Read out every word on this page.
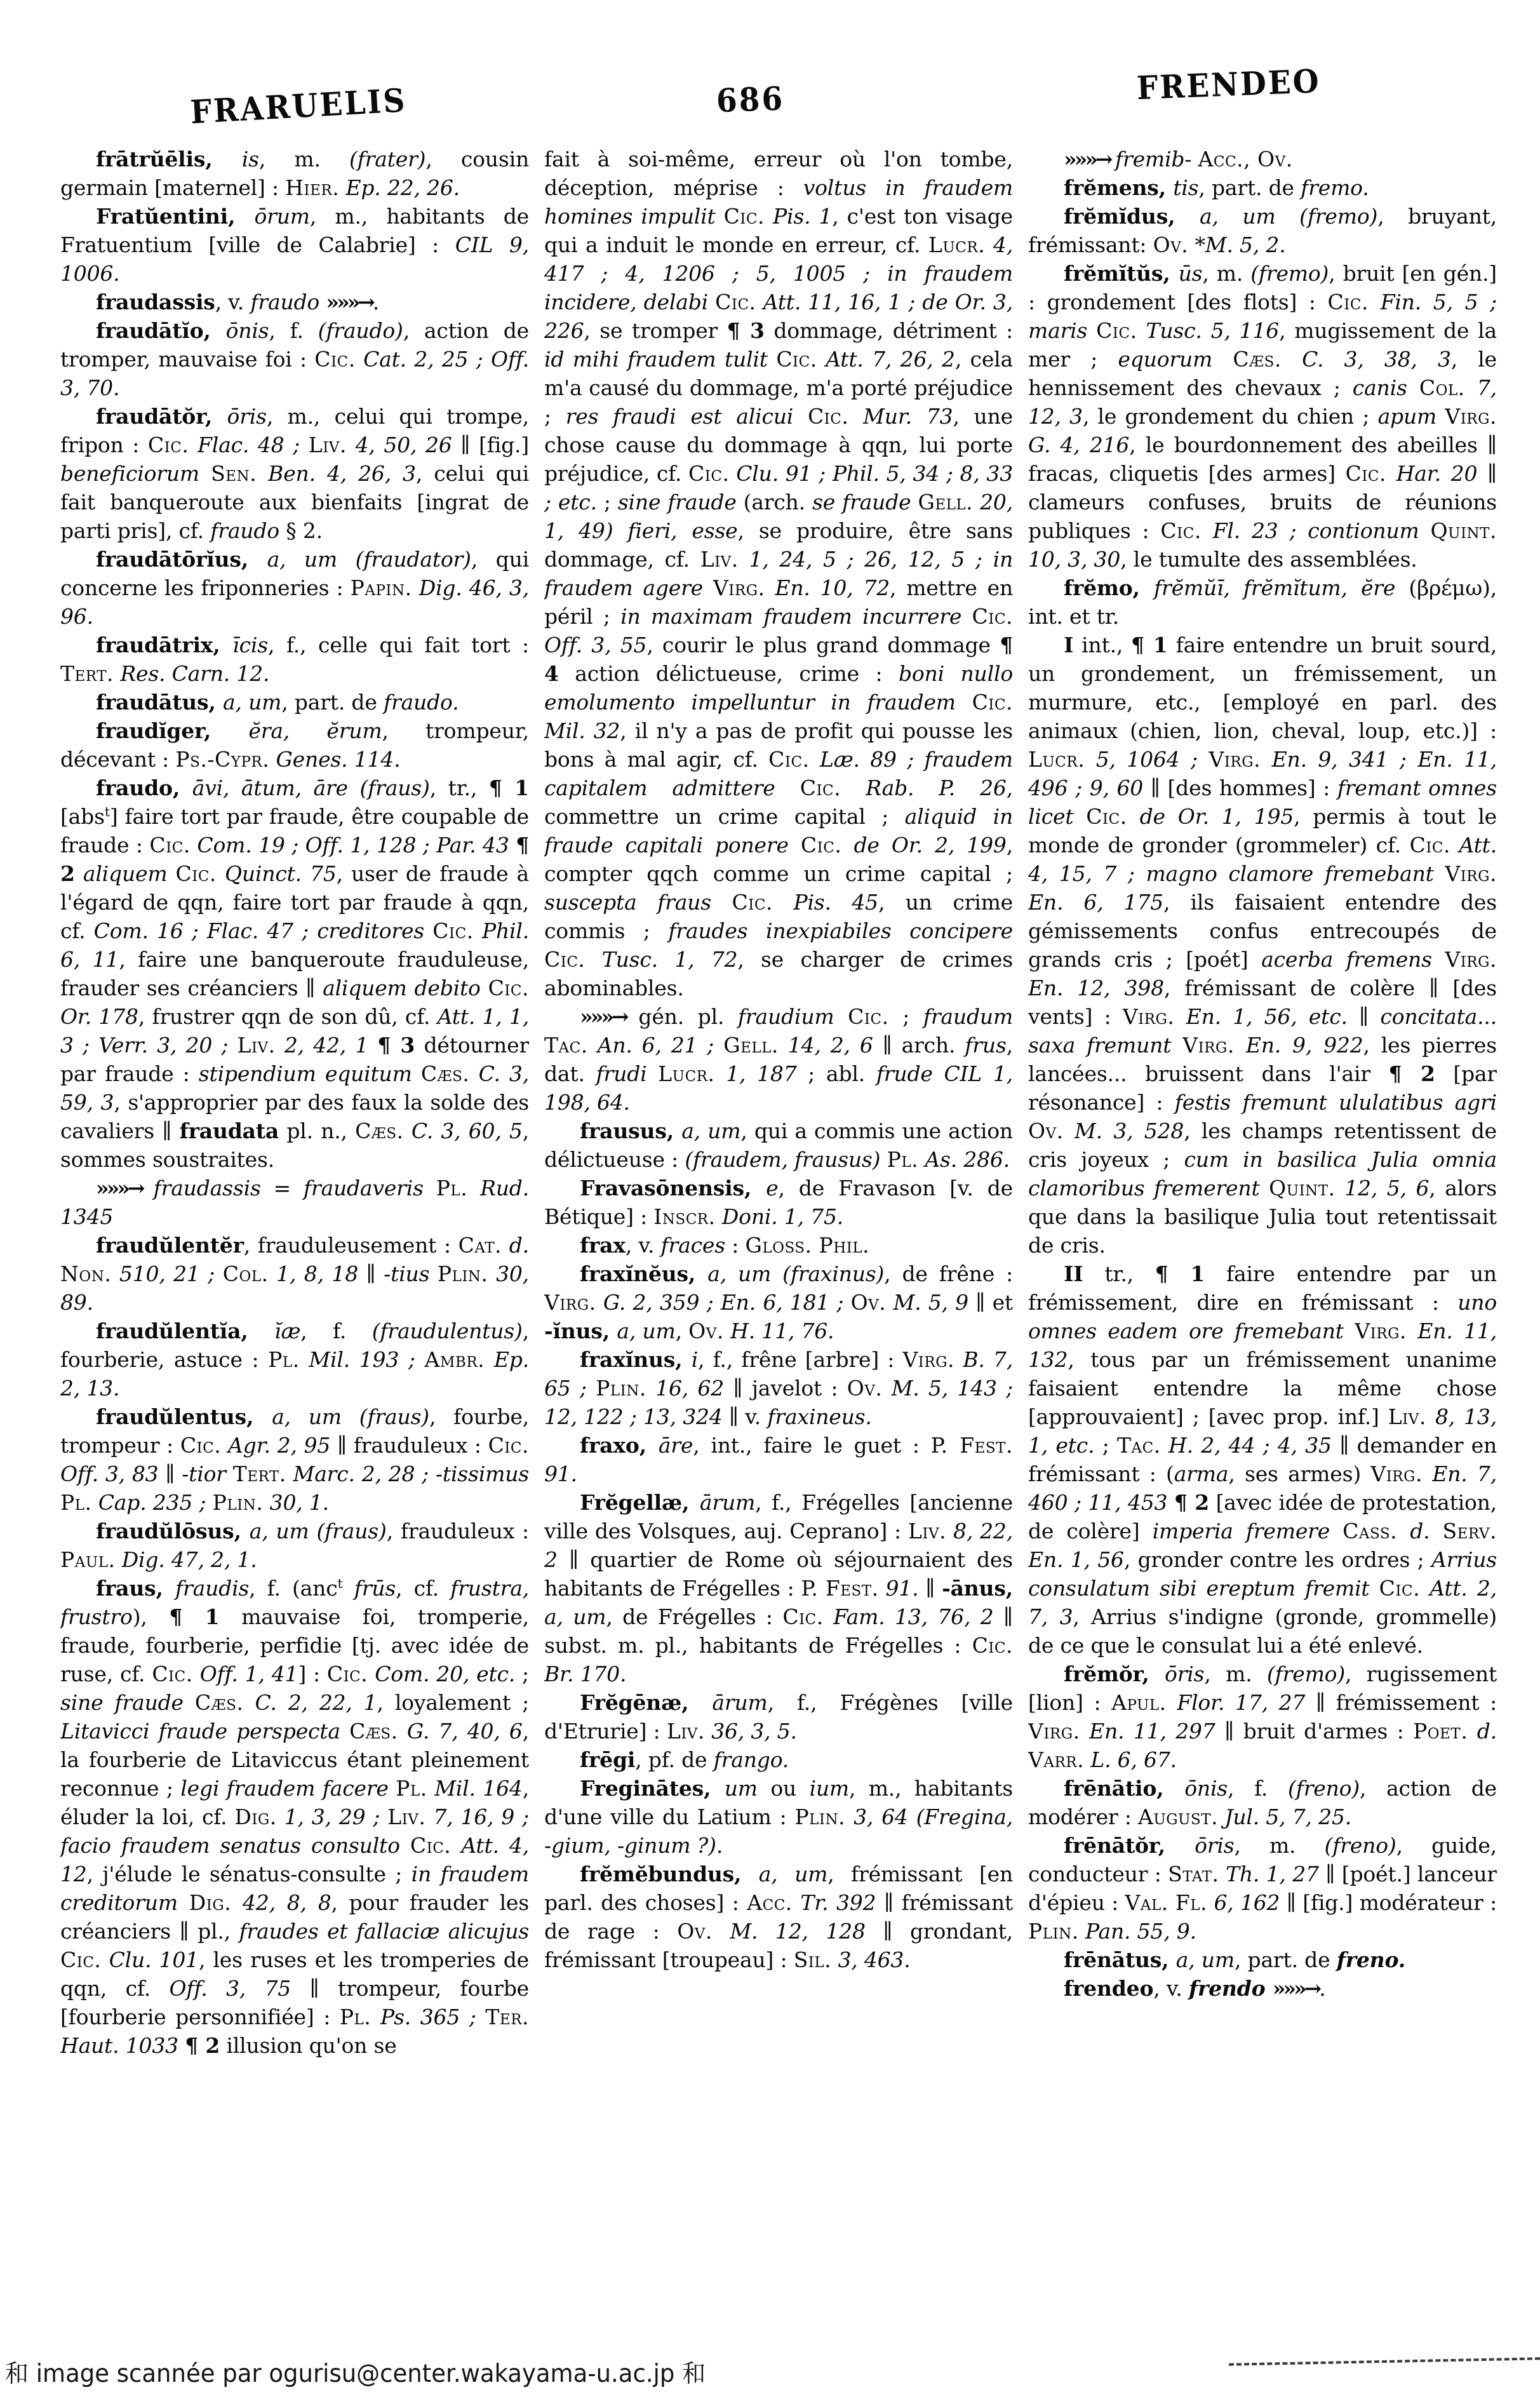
FRARUELIS	686	FRENDEO

frātrŭēlis, is, m. (frater), cousin germain [maternel] : Hier. Ep. 22, 26.

Fratŭentini, ōrum, m., habitants de Fratuentium [ville de Calabrie] : CIL 9, 1006.

fraudassis, v. fraudo »»»→.

fraudātĭo, ōnis, f. (fraudo), action de tromper, mauvaise foi : Cic. Cat. 2, 25 ; Off. 3, 70.

fraudātŏr, ōris, m., celui qui trompe, fripon : Cic. Flac. 48 ; Liv. 4, 50, 26 ∥ [fig.] beneficiorum Sen. Ben. 4, 26, 3, celui qui fait banqueroute aux bienfaits [ingrat de parti pris], cf. fraudo § 2.

fraudātōrĭus, a, um (fraudator), qui concerne les friponneries : Papin. Dig. 46, 3, 96.

fraudātrix, īcis, f., celle qui fait tort : Tert. Res. Carn. 12.

fraudātus, a, um, part. de fraudo.

fraudĭger, ĕra, ĕrum, trompeur, décevant : Ps.-Cypr. Genes. 114.

fraudo, āvi, ātum, āre (fraus), tr., ¶ 1 [abs$^t$] faire tort par fraude, être coupable de fraude : Cic. Com. 19 ; Off. 1, 128 ; Par. 43 ¶ 2 aliquem Cic. Quinct. 75, user de fraude à l'égard de qqn, faire tort par fraude à qqn, cf. Com. 16 ; Flac. 47 ; creditores Cic. Phil. 6, 11, faire une banqueroute frauduleuse, frauder ses créanciers ∥ aliquem debito Cic. Or. 178, frustrer qqn de son dû, cf. Att. 1, 1, 3 ; Verr. 3, 20 ; Liv. 2, 42, 1 ¶ 3 détourner par fraude : stipendium equitum Cæs. C. 3, 59, 3, s'approprier par des faux la solde des cavaliers ∥ fraudata pl. n., Cæs. C. 3, 60, 5, sommes soustraites.

»»»→ fraudassis = fraudaveris Pl. Rud. 1345

fraudŭlentĕr, frauduleusement : Cat. d. Non. 510, 21 ; Col. 1, 8, 18 ∥ -tius Plin. 30, 89.

fraudŭlentĭa, ĭæ, f. (fraudulentus), fourberie, astuce : Pl. Mil. 193 ; Ambr. Ep. 2, 13.

fraudŭlentus, a, um (fraus), fourbe, trompeur : Cic. Agr. 2, 95 ∥ frauduleux : Cic. Off. 3, 83 ∥ -tior Tert. Marc. 2, 28 ; -tissimus Pl. Cap. 235 ; Plin. 30, 1.

fraudŭlōsus, a, um (fraus), frauduleux : Paul. Dig. 47, 2, 1.

fraus, fraudis, f. (anc$^t$ frūs, cf. frustra, frustro), ¶ 1 mauvaise foi, tromperie, fraude, fourberie, perfidie [tj. avec idée de ruse, cf. Cic. Off. 1, 41] : Cic. Com. 20, etc. ; sine fraude Cæs. C. 2, 22, 1, loyalement ; Litavicci fraude perspecta Cæs. G. 7, 40, 6, la fourberie de Litaviccus étant pleinement reconnue ; legi fraudem facere Pl. Mil. 164, éluder la loi, cf. Dig. 1, 3, 29 ; Liv. 7, 16, 9 ; facio fraudem senatus consulto Cic. Att. 4, 12, j'élude le sénatus-consulte ; in fraudem creditorum Dig. 42, 8, 8, pour frauder les créanciers ∥ pl., fraudes et fallaciæ alicujus Cic. Clu. 101, les ruses et les tromperies de qqn, cf. Off. 3, 75 ∥ trompeur, fourbe [fourberie personnifiée] : Pl. Ps. 365 ; Ter. Haut. 1033 ¶ 2 illusion qu'on se

fait à soi-même, erreur où l'on tombe, déception, méprise : voltus in fraudem homines impulit Cic. Pis. 1, c'est ton visage qui a induit le monde en erreur, cf. Lucr. 4, 417 ; 4, 1206 ; 5, 1005 ; in fraudem incidere, delabi Cic. Att. 11, 16, 1 ; de Or. 3, 226, se tromper ¶ 3 dommage, détriment : id mihi fraudem tulit Cic. Att. 7, 26, 2, cela m'a causé du dommage, m'a porté préjudice ; res fraudi est alicui Cic. Mur. 73, une chose cause du dommage à qqn, lui porte préjudice, cf. Cic. Clu. 91 ; Phil. 5, 34 ; 8, 33 ; etc. ; sine fraude (arch. se fraude Gell. 20, 1, 49) fieri, esse, se produire, être sans dommage, cf. Liv. 1, 24, 5 ; 26, 12, 5 ; in fraudem agere Virg. En. 10, 72, mettre en péril ; in maximam fraudem incurrere Cic. Off. 3, 55, courir le plus grand dommage ¶ 4 action délictueuse, crime : boni nullo emolumento impelluntur in fraudem Cic. Mil. 32, il n'y a pas de profit qui pousse les bons à mal agir, cf. Cic. Læ. 89 ; fraudem capitalem admittere Cic. Rab. P. 26, commettre un crime capital ; aliquid in fraude capitali ponere Cic. de Or. 2, 199, compter qqch comme un crime capital ; suscepta fraus Cic. Pis. 45, un crime commis ; fraudes inexpiabiles concipere Cic. Tusc. 1, 72, se charger de crimes abominables.

»»»→ gén. pl. fraudium Cic. ; fraudum Tac. An. 6, 21 ; Gell. 14, 2, 6 ∥ arch. frus, dat. frudi Lucr. 1, 187 ; abl. frude CIL 1, 198, 64.

frausus, a, um, qui a commis une action délictueuse : (fraudem, frausus) Pl. As. 286.

Fravasōnensis, e, de Fravason [v. de Bétique] : Inscr. Doni. 1, 75.

frax, v. fraces : Gloss. Phil.

fraxĭnĕus, a, um (fraxinus), de frêne : Virg. G. 2, 359 ; En. 6, 181 ; Ov. M. 5, 9 ∥ et -ĭnus, a, um, Ov. H. 11, 76.

fraxĭnus, i, f., frêne [arbre] : Virg. B. 7, 65 ; Plin. 16, 62 ∥ javelot : Ov. M. 5, 143 ; 12, 122 ; 13, 324 ∥ v. fraxineus.

fraxo, āre, int., faire le guet : P. Fest. 91.

Frĕgellæ, ārum, f., Frégelles [ancienne ville des Volsques, auj. Ceprano] : Liv. 8, 22, 2 ∥ quartier de Rome où séjournaient des habitants de Frégelles : P. Fest. 91. ∥ -ānus, a, um, de Frégelles : Cic. Fam. 13, 76, 2 ∥ subst. m. pl., habitants de Frégelles : Cic. Br. 170.

Frĕgēnæ, ārum, f., Frégènes [ville d'Etrurie] : Liv. 36, 3, 5.

frēgi, pf. de frango.

Freginātes, um ou ium, m., habitants d'une ville du Latium : Plin. 3, 64 (Fregina, -gium, -ginum ?).

frĕmĕbundus, a, um, frémissant [en parl. des choses] : Acc. Tr. 392 ∥ frémissant de rage : Ov. M. 12, 128 ∥ grondant, frémissant [troupeau] : Sil. 3, 463.

»»»→ fremib- Acc., Ov.

frĕmens, tis, part. de fremo.

frĕmĭdus, a, um (fremo), bruyant, frémissant: Ov. *M. 5, 2.

frĕmĭtŭs, ūs, m. (fremo), bruit [en gén.] : grondement [des flots] : Cic. Fin. 5, 5 ; maris Cic. Tusc. 5, 116, mugissement de la mer ; equorum Cæs. C. 3, 38, 3, le hennissement des chevaux ; canis Col. 7, 12, 3, le grondement du chien ; apum Virg. G. 4, 216, le bourdonnement des abeilles ∥ fracas, cliquetis [des armes] Cic. Har. 20 ∥ clameurs confuses, bruits de réunions publiques : Cic. Fl. 23 ; contionum Quint. 10, 3, 30, le tumulte des assemblées.

frĕmo, frĕmŭī, frĕmĭtum, ĕre (βρέμω), int. et tr.

I int., ¶ 1 faire entendre un bruit sourd, un grondement, un frémissement, un murmure, etc., [employé en parl. des animaux (chien, lion, cheval, loup, etc.)] : Lucr. 5, 1064 ; Virg. En. 9, 341 ; En. 11, 496 ; 9, 60 ∥ [des hommes] : fremant omnes licet Cic. de Or. 1, 195, permis à tout le monde de gronder (grommeler) cf. Cic. Att. 4, 15, 7 ; magno clamore fremebant Virg. En. 6, 175, ils faisaient entendre des gémissements confus entrecoupés de grands cris ; [poét] acerba fremens Virg. En. 12, 398, frémissant de colère ∥ [des vents] : Virg. En. 1, 56, etc. ∥ concitata... saxa fremunt Virg. En. 9, 922, les pierres lancées... bruissent dans l'air ¶ 2 [par résonance] : festis fremunt ululatibus agri Ov. M. 3, 528, les champs retentissent de cris joyeux ; cum in basilica Julia omnia clamoribus fremerent Quint. 12, 5, 6, alors que dans la basilique Julia tout retentissait de cris.

II tr., ¶ 1 faire entendre par un frémissement, dire en frémissant : uno omnes eadem ore fremebant Virg. En. 11, 132, tous par un frémissement unanime faisaient entendre la même chose [approuvaient] ; [avec prop. inf.] Liv. 8, 13, 1, etc. ; Tac. H. 2, 44 ; 4, 35 ∥ demander en frémissant : (arma, ses armes) Virg. En. 7, 460 ; 11, 453 ¶ 2 [avec idée de protestation, de colère] imperia fremere Cass. d. Serv. En. 1, 56, gronder contre les ordres ; Arrius consulatum sibi ereptum fremit Cic. Att. 2, 7, 3, Arrius s'indigne (gronde, grommelle) de ce que le consulat lui a été enlevé.

frĕmŏr, ōris, m. (fremo), rugissement [lion] : Apul. Flor. 17, 27 ∥ frémissement : Virg. En. 11, 297 ∥ bruit d'armes : Poet. d. Varr. L. 6, 67.

frēnātio, ōnis, f. (freno), action de modérer : August. Jul. 5, 7, 25.

frēnātŏr, ōris, m. (freno), guide, conducteur : Stat. Th. 1, 27 ∥ [poét.] lanceur d'épieu : Val. Fl. 6, 162 ∥ [fig.] modérateur : Plin. Pan. 55, 9.

frēnātus, a, um, part. de freno.

frendeo, v. frendo »»»→.

和 image scannée par ogurisu@center.wakayama-u.ac.jp 和
